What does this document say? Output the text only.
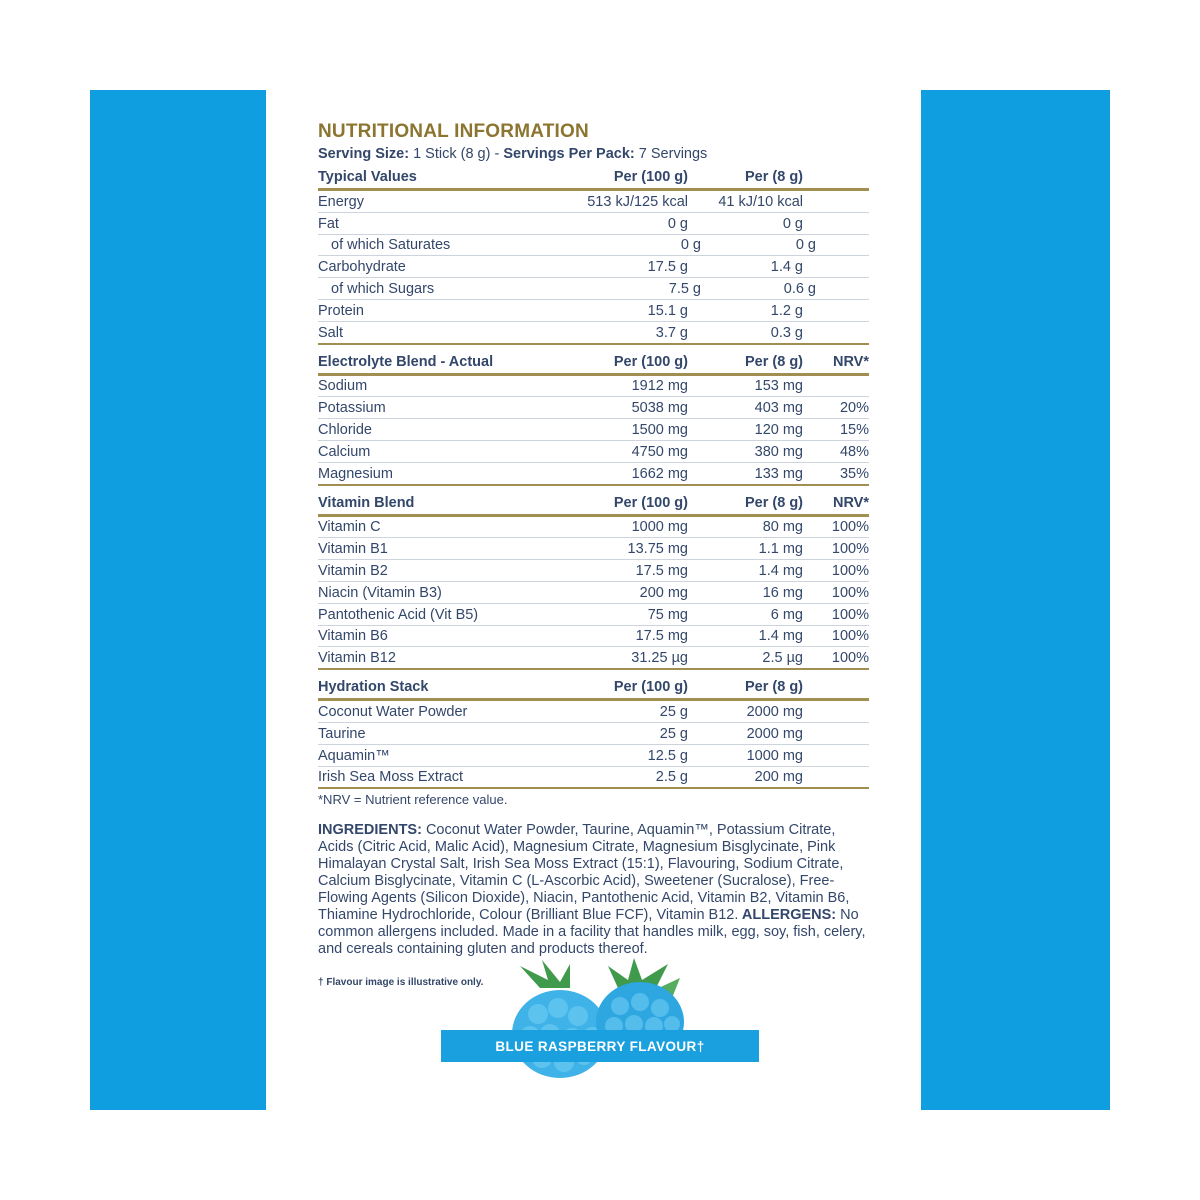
NUTRITIONAL INFORMATION
Serving Size: 1 Stick (8 g) - Servings Per Pack: 7 Servings
Typical Values	Per (100 g)	Per (8 g)
Energy	513 kJ/125 kcal	41 kJ/10 kcal
Fat	0 g	0 g
of which Saturates	0 g	0 g
Carbohydrate	17.5 g	1.4 g
of which Sugars	7.5 g	0.6 g
Protein	15.1 g	1.2 g
Salt	3.7 g	0.3 g
Electrolyte Blend - Actual	Per (100 g)	Per (8 g)	NRV*
Sodium	1912 mg	153 mg
Potassium	5038 mg	403 mg	20%
Chloride	1500 mg	120 mg	15%
Calcium	4750 mg	380 mg	48%
Magnesium	1662 mg	133 mg	35%
Vitamin Blend	Per (100 g)	Per (8 g)	NRV*
Vitamin C	1000 mg	80 mg	100%
Vitamin B1	13.75 mg	1.1 mg	100%
Vitamin B2	17.5 mg	1.4 mg	100%
Niacin (Vitamin B3)	200 mg	16 mg	100%
Pantothenic Acid (Vit B5)	75 mg	6 mg	100%
Vitamin B6	17.5 mg	1.4 mg	100%
Vitamin B12	31.25 µg	2.5 µg	100%
Hydration Stack	Per (100 g)	Per (8 g)
Coconut Water Powder	25 g	2000 mg
Taurine	25 g	2000 mg
Aquamin™	12.5 g	1000 mg
Irish Sea Moss Extract	2.5 g	200 mg
*NRV = Nutrient reference value.
INGREDIENTS: Coconut Water Powder, Taurine, Aquamin™, Potassium Citrate, Acids (Citric Acid, Malic Acid), Magnesium Citrate, Magnesium Bisglycinate, Pink Himalayan Crystal Salt, Irish Sea Moss Extract (15:1), Flavouring, Sodium Citrate, Calcium Bisglycinate, Vitamin C (L-Ascorbic Acid), Sweetener (Sucralose), Free-Flowing Agents (Silicon Dioxide), Niacin, Pantothenic Acid, Vitamin B2, Vitamin B6, Thiamine Hydrochloride, Colour (Brilliant Blue FCF), Vitamin B12. ALLERGENS: No common allergens included. Made in a facility that handles milk, egg, soy, fish, celery, and cereals containing gluten and products thereof.
† Flavour image is illustrative only.
BLUE RASPBERRY FLAVOUR†
